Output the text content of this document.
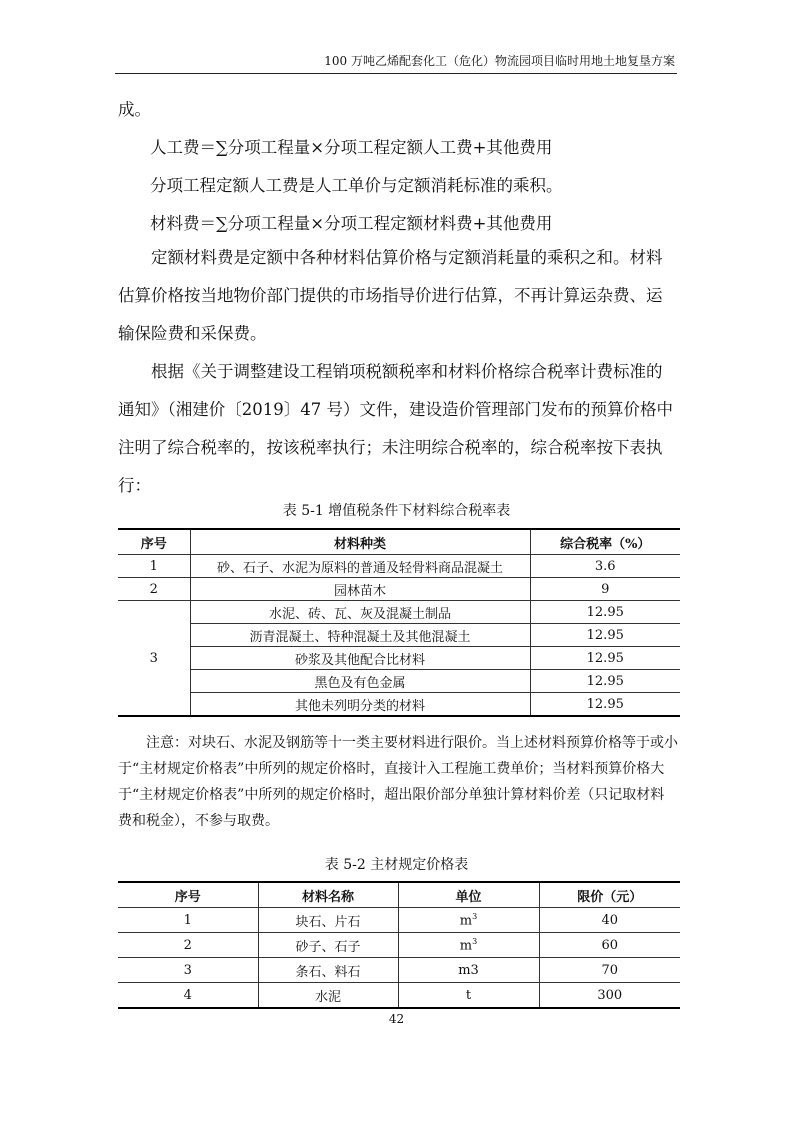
100 万吨乙烯配套化工（危化）物流园项目临时用地土地复垦方案
成。
人工费＝∑分项工程量×分项工程定额人工费+其他费用
分项工程定额人工费是人工单价与定额消耗标准的乘积。
材料费＝∑分项工程量×分项工程定额材料费+其他费用
定额材料费是定额中各种材料估算价格与定额消耗量的乘积之和。材料估算价格按当地物价部门提供的市场指导价进行估算，不再计算运杂费、运输保险费和采保费。
根据《关于调整建设工程销项税额税率和材料价格综合税率计费标准的通知》（湘建价〔2019〕47 号）文件，建设造价管理部门发布的预算价格中注明了综合税率的，按该税率执行；未注明综合税率的，综合税率按下表执行：
表 5-1 增值税条件下材料综合税率表
序号	材料种类	综合税率（%）
1	砂、石子、水泥为原料的普通及轻骨料商品混凝土	3.6
2	园林苗木	9
3	水泥、砖、瓦、灰及混凝土制品	12.95
	沥青混凝土、特种混凝土及其他混凝土	12.95
	砂浆及其他配合比材料	12.95
	黑色及有色金属	12.95
	其他未列明分类的材料	12.95
注意：对块石、水泥及钢筋等十一类主要材料进行限价。当上述材料预算价格等于或小于“主材规定价格表”中所列的规定价格时，直接计入工程施工费单价；当材料预算价格大于“主材规定价格表”中所列的规定价格时，超出限价部分单独计算材料价差（只记取材料费和税金），不参与取费。
表 5-2 主材规定价格表
序号	材料名称	单位	限价（元）
1	块石、片石	$m^3$	40
2	砂子、石子	$m^3$	60
3	条石、料石	m3	70
4	水泥	t	300
42
